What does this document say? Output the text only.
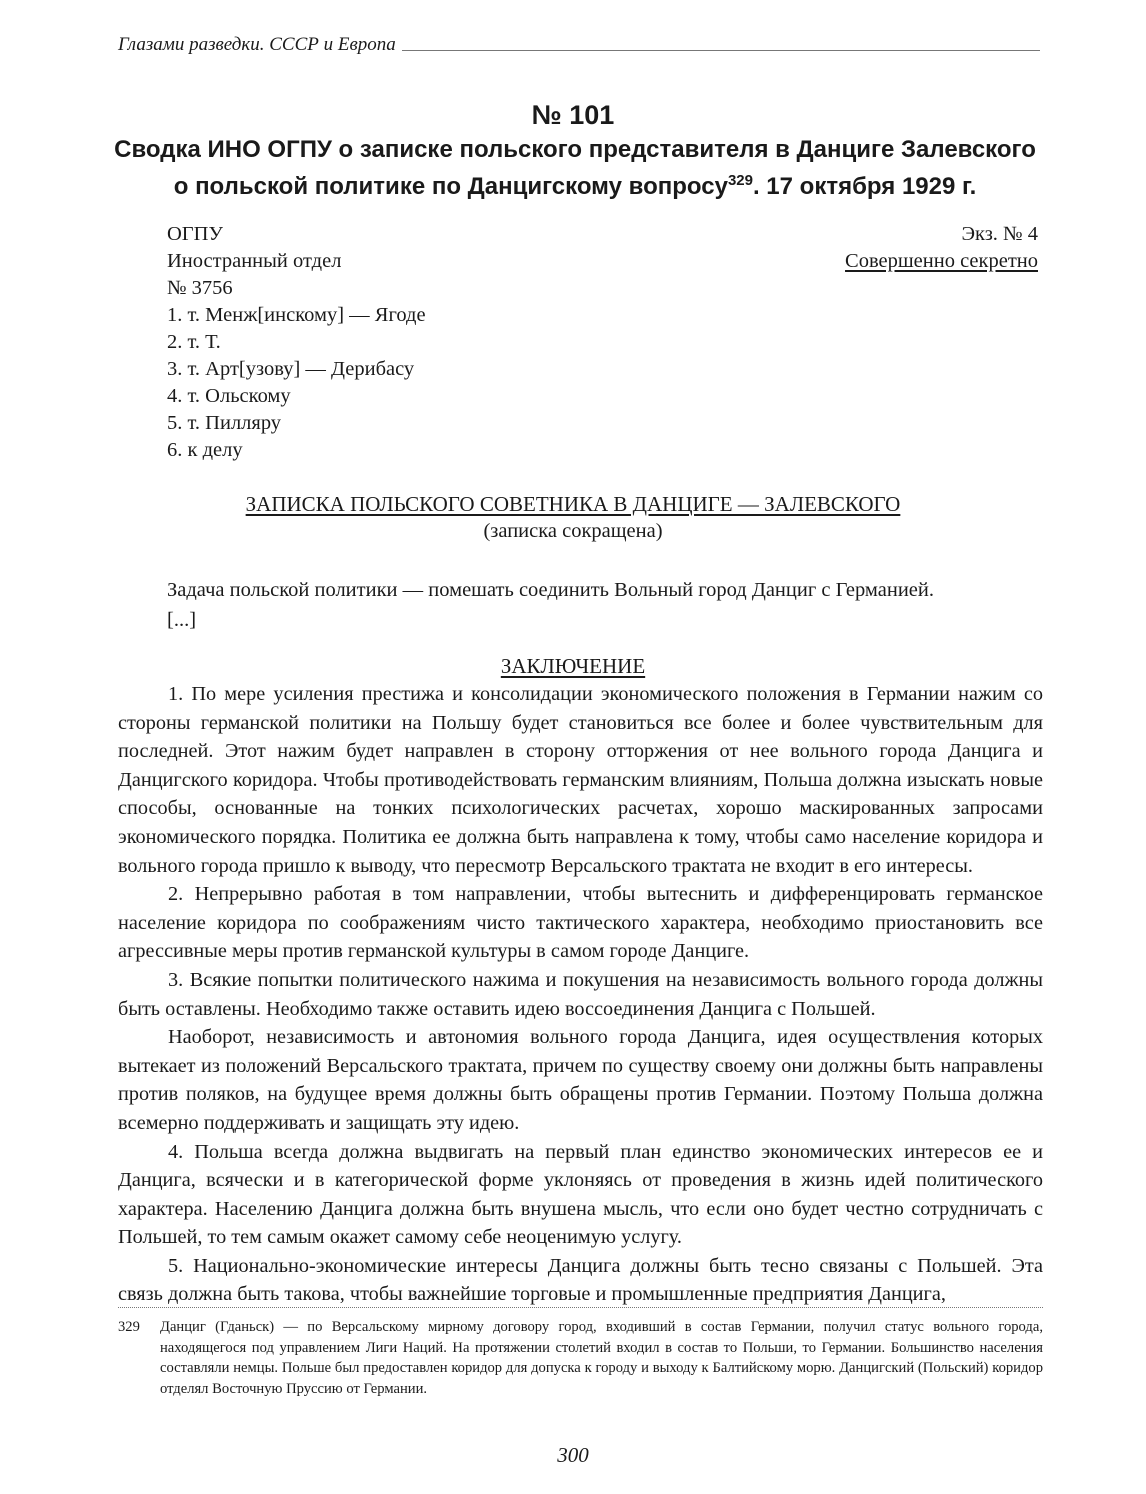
Глазами разведки. СССР и Европа
№ 101
Сводка ИНО ОГПУ о записке польского представителя в Данциге Залевского
о польской политике по Данцигскому вопросу$^{329}$. 17 октября 1929 г.
ОГПУ
Иностранный отдел
№ 3756
1. т. Менж[инскому] — Ягоде
2. т. Т.
3. т. Арт[узову] — Дерибасу
4. т. Ольскому
5. т. Пилляру
6. к делу
Экз. № 4
Совершенно секретно
ЗАПИСКА ПОЛЬСКОГО СОВЕТНИКА В ДАНЦИГЕ — ЗАЛЕВСКОГО
(записка сокращена)
Задача польской политики — помешать соединить Вольный город Данциг с Германией.
[...]
ЗАКЛЮЧЕНИЕ

1. По мере усиления престижа и консолидации экономического положения в Германии нажим со стороны германской политики на Польшу будет становиться все более и более чувствительным для последней. Этот нажим будет направлен в сторону отторжения от нее вольного города Данцига и Данцигского коридора. Чтобы противодействовать германским влияниям, Польша должна изыскать новые способы, основанные на тонких психологических расчетах, хорошо маскированных запросами экономического порядка. Политика ее должна быть направлена к тому, чтобы само население коридора и вольного города пришло к выводу, что пересмотр Версальского трактата не входит в его интересы.

2. Непрерывно работая в том направлении, чтобы вытеснить и дифференцировать германское население коридора по соображениям чисто тактического характера, необходимо приостановить все агрессивные меры против германской культуры в самом городе Данциге.

3. Всякие попытки политического нажима и покушения на независимость вольного города должны быть оставлены. Необходимо также оставить идею воссоединения Данцига с Польшей.

Наоборот, независимость и автономия вольного города Данцига, идея осуществления которых вытекает из положений Версальского трактата, причем по существу своему они должны быть направлены против поляков, на будущее время должны быть обращены против Германии. Поэтому Польша должна всемерно поддерживать и защищать эту идею.

4. Польша всегда должна выдвигать на первый план единство экономических интересов ее и Данцига, всячески и в категорической форме уклоняясь от проведения в жизнь идей политического характера. Населению Данцига должна быть внушена мысль, что если оно будет честно сотрудничать с Польшей, то тем самым окажет самому себе неоценимую услугу.

5. Национально-экономические интересы Данцига должны быть тесно связаны с Польшей. Эта связь должна быть такова, чтобы важнейшие торговые и промышленные предприятия Данцига,

329	Данциг (Гданьск) — по Версальскому мирному договору город, входивший в состав Германии, получил статус вольного города, находящегося под управлением Лиги Наций. На протяжении столетий входил в состав то Польши, то Германии. Большинство населения составляли немцы. Польше был предоставлен коридор для допуска к городу и выходу к Балтийскому морю. Данцигский (Польский) коридор отделял Восточную Пруссию от Германии.
300
